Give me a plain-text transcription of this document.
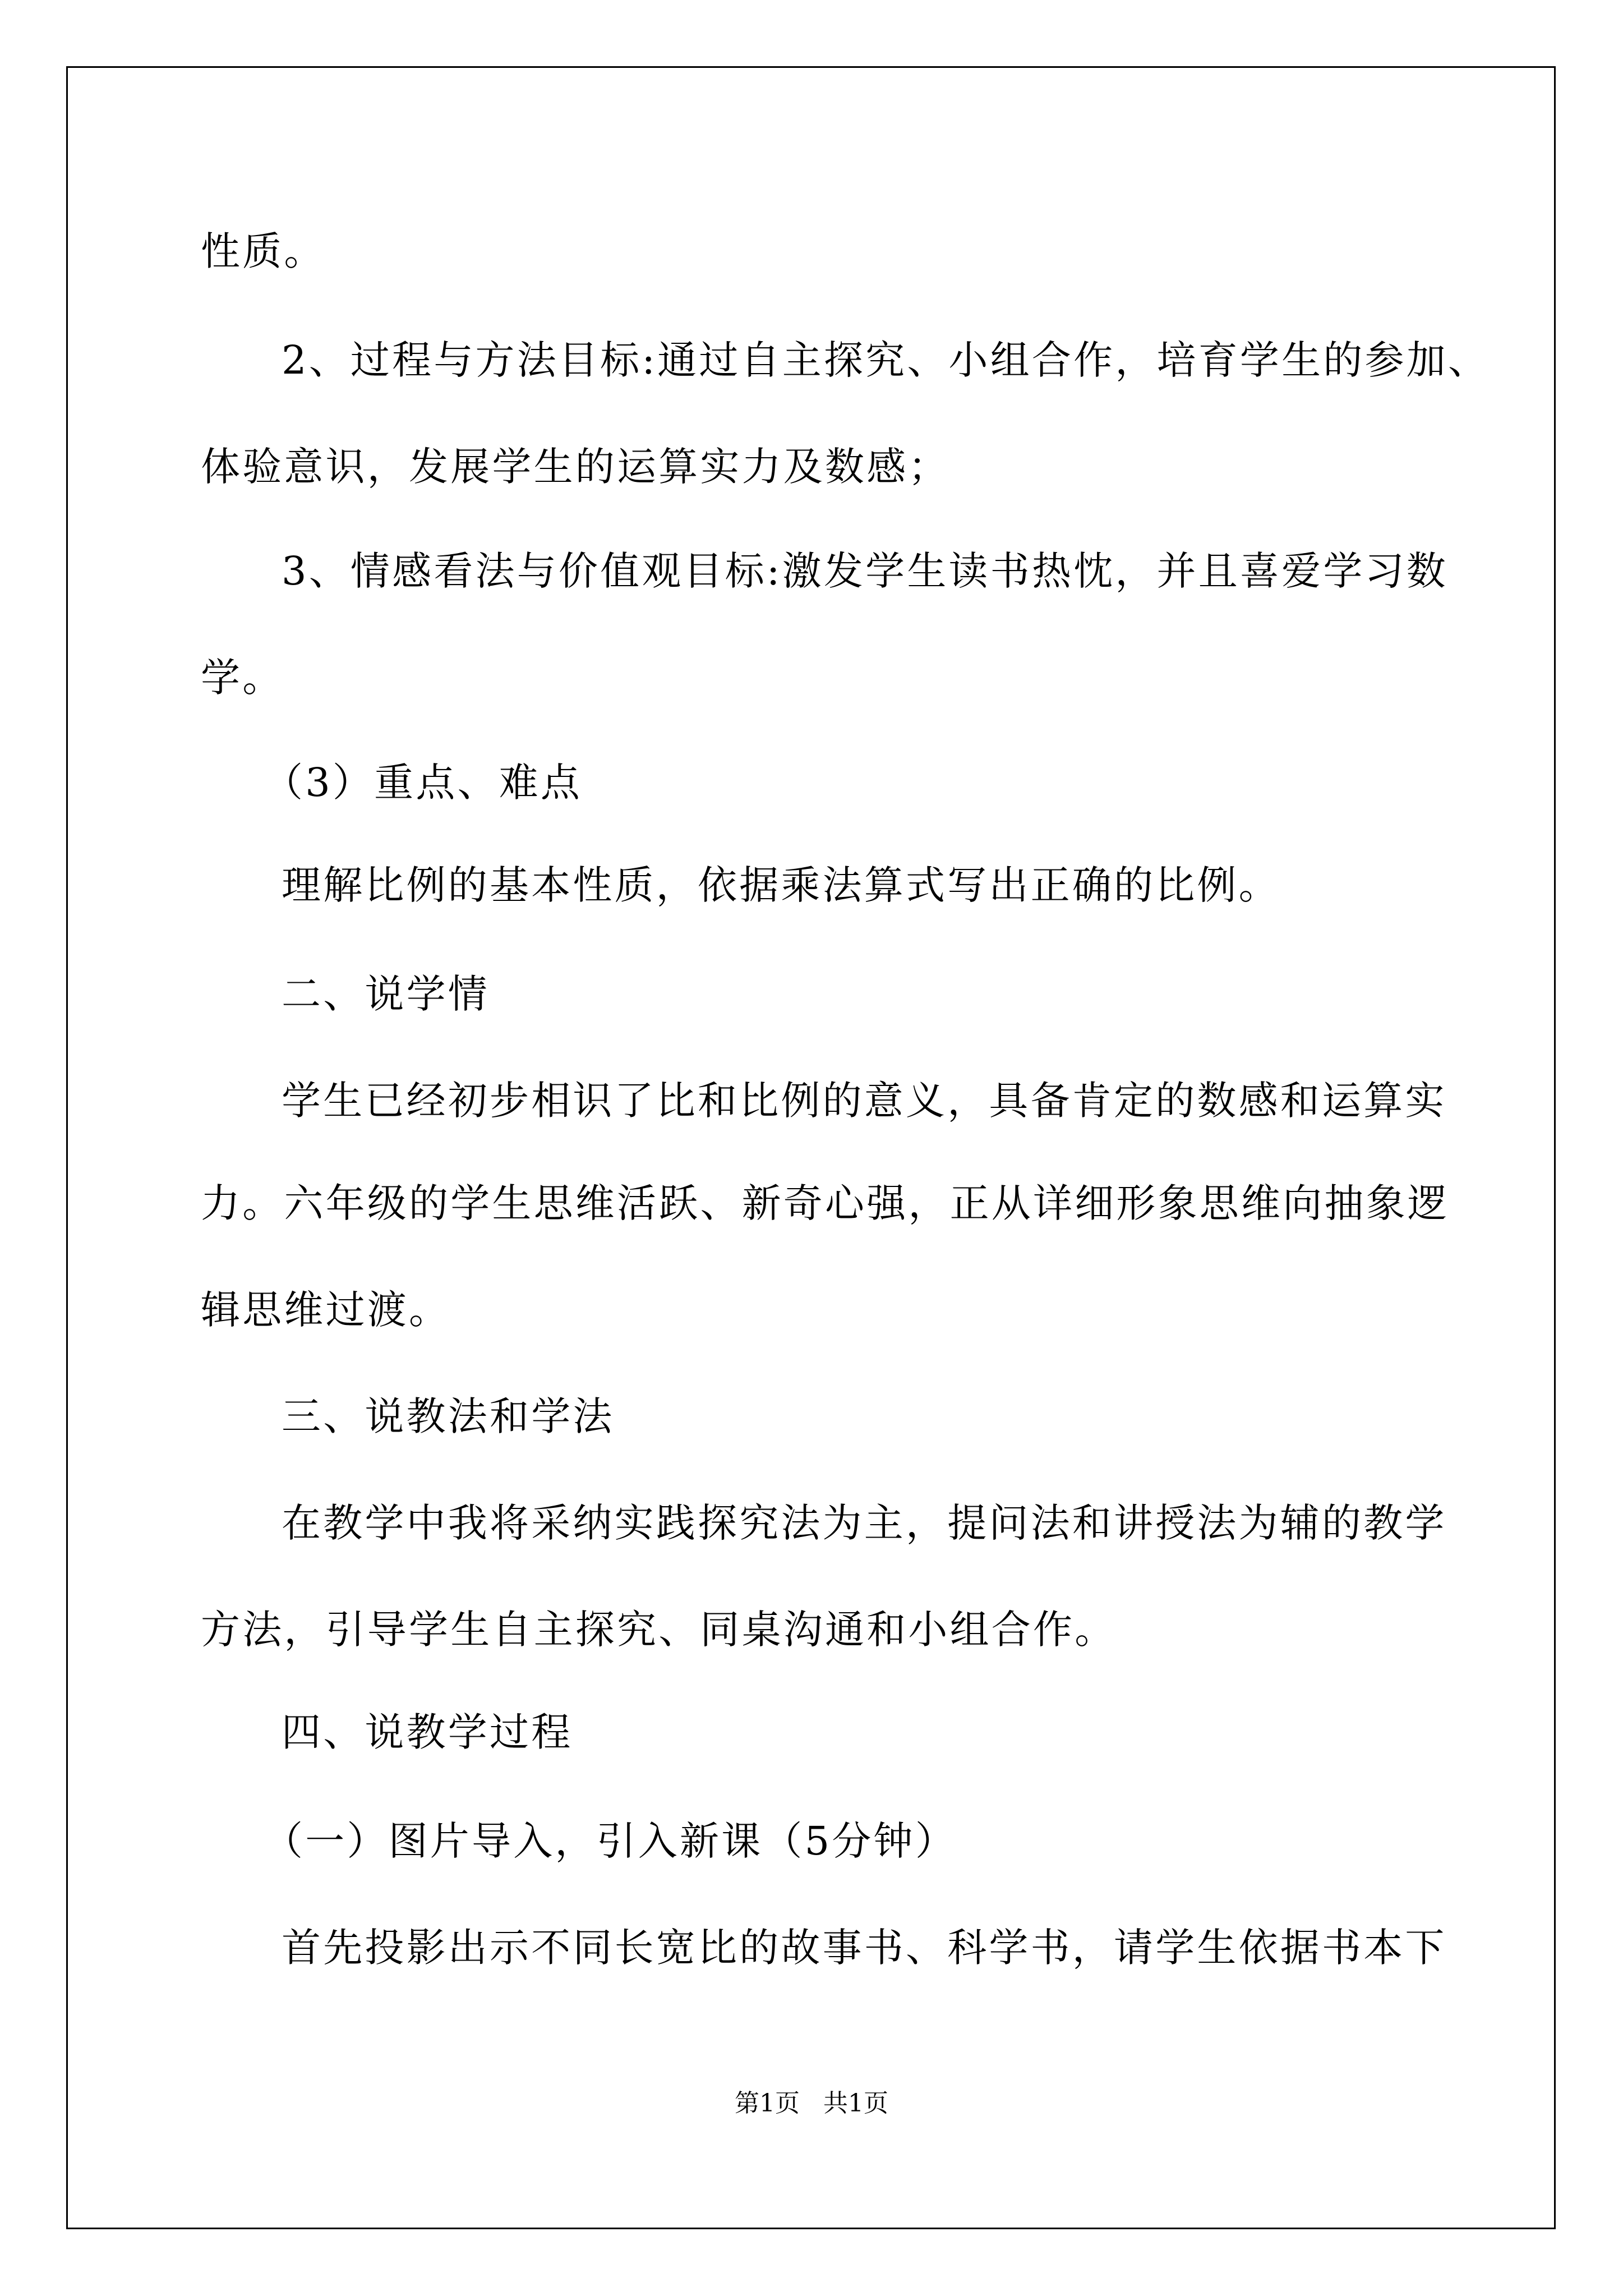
性质。
2、过程与方法目标:通过自主探究、小组合作，培育学生的参加、
体验意识，发展学生的运算实力及数感；
3、情感看法与价值观目标:激发学生读书热忱，并且喜爱学习数
学。
（3）重点、难点
理解比例的基本性质，依据乘法算式写出正确的比例。
二、说学情
学生已经初步相识了比和比例的意义，具备肯定的数感和运算实
力。六年级的学生思维活跃、新奇心强，正从详细形象思维向抽象逻
辑思维过渡。
三、说教法和学法
在教学中我将采纳实践探究法为主，提问法和讲授法为辅的教学
方法，引导学生自主探究、同桌沟通和小组合作。
四、说教学过程
（一）图片导入，引入新课（5分钟）
首先投影出示不同长宽比的故事书、科学书，请学生依据书本下
第1页   共1页
